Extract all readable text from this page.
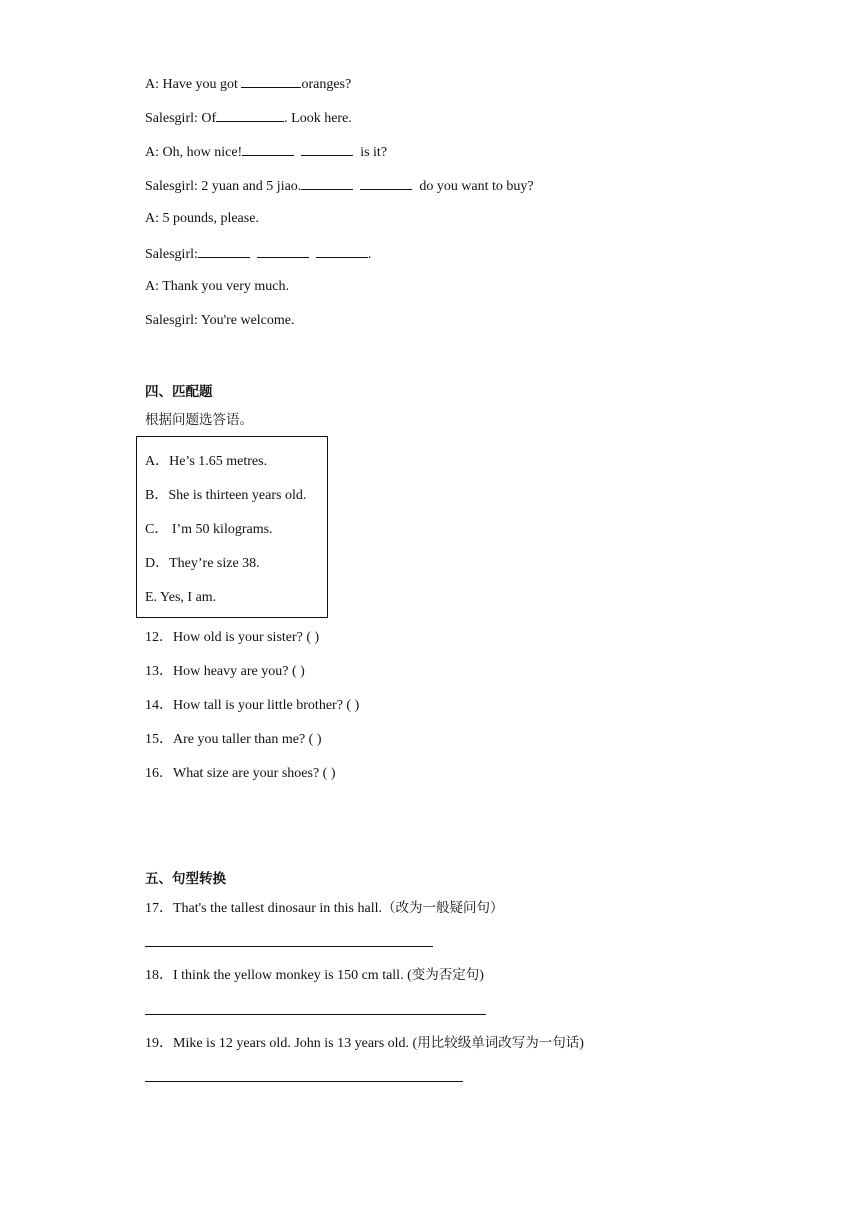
A: Have you got	oranges?
Salesgirl: Of	. Look here.
A: Oh, how nice!	is it?
Salesgirl: 2 yuan and 5 jiao.	do you want to buy?
A: 5 pounds, please.
Salesgirl:	.
A: Thank you very much.
Salesgirl: You're welcome.
四、匹配题
根据问题选答语。
A．He’s 1.65 metres.
B．She is thirteen years old.
C． I’m 50 kilograms.
D．They’re size 38.
E. Yes, I am.
12．How old is your sister? ( )
13．How heavy are you? ( )
14．How tall is your little brother? ( )
15．Are you taller than me? ( )
16．What size are your shoes? ( )
五、句型转换
17．That's the tallest dinosaur in this hall.（改为一般疑问句）
18．I think the yellow monkey is 150 cm tall. (变为否定句)
19．Mike is 12 years old. John is 13 years old. (用比较级单词改写为一句话)
